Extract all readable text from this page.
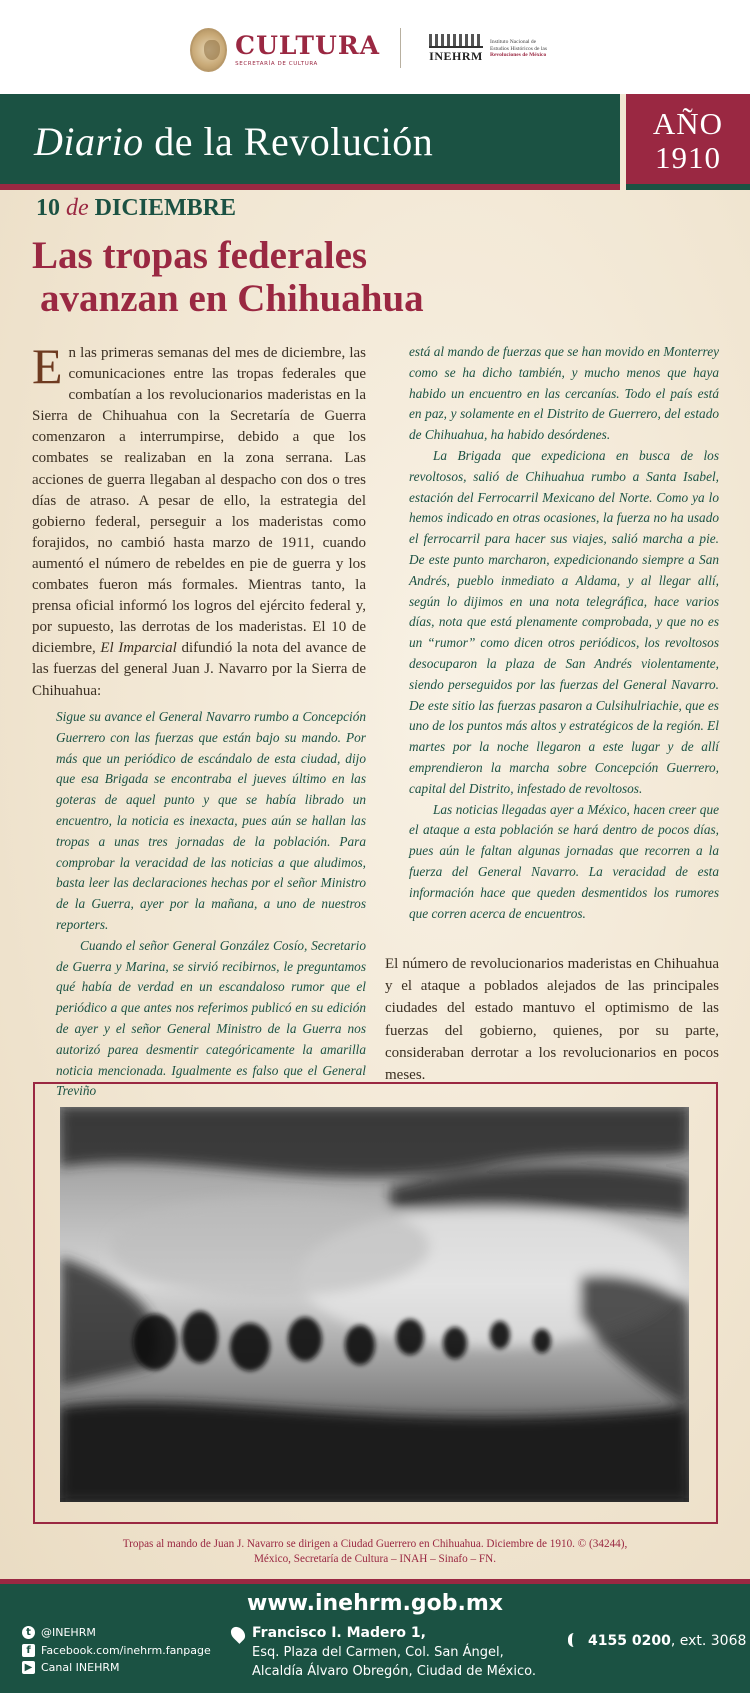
CULTURA
SECRETARÍA DE CULTURA
INEHRM
Instituto Nacional de
Estudios Históricos de las
Revoluciones de México
Diario de la Revolución	AÑO
1910
10 de DICIEMBRE
Las tropas federales
avanzan en Chihuahua
En las primeras semanas del mes de diciembre, las comunicaciones entre las tropas federales que combatían a los revolucionarios maderistas en la Sierra de Chihuahua con la Secretaría de Guerra comenzaron a interrumpirse, debido a que los combates se realizaban en la zona serrana. Las acciones de guerra llegaban al despacho con dos o tres días de atraso. A pesar de ello, la estrategia del gobierno federal, perseguir a los maderistas como forajidos, no cambió hasta marzo de 1911, cuando aumentó el número de rebeldes en pie de guerra y los combates fueron más formales. Mientras tanto, la prensa oficial informó los logros del ejército federal y, por supuesto, las derrotas de los maderistas. El 10 de diciembre, El Imparcial difundió la nota del avance de las fuerzas del general Juan J. Navarro por la Sierra de Chihuahua:

Sigue su avance el General Navarro rumbo a Concepción Guerrero con las fuerzas que están bajo su mando. Por más que un periódico de escándalo de esta ciudad, dijo que esa Brigada se encontraba el jueves último en las goteras de aquel punto y que se había librado un encuentro, la noticia es inexacta, pues aún se hallan las tropas a unas tres jornadas de la población. Para comprobar la veracidad de las noticias a que aludimos, basta leer las declaraciones hechas por el señor Ministro de la Guerra, ayer por la mañana, a uno de nuestros reporters.

Cuando el señor General González Cosío, Secretario de Guerra y Marina, se sirvió recibirnos, le preguntamos qué había de verdad en un escandaloso rumor que el periódico a que antes nos referimos publicó en su edición de ayer y el señor General Ministro de la Guerra nos autorizó parea desmentir categóricamente la amarilla noticia mencionada. Igualmente es falso que el General Treviño

está al mando de fuerzas que se han movido en Monterrey como se ha dicho también, y mucho menos que haya habido un encuentro en las cercanías. Todo el país está en paz, y solamente en el Distrito de Guerrero, del estado de Chihuahua, ha habido desórdenes.

La Brigada que expediciona en busca de los revoltosos, salió de Chihuahua rumbo a Santa Isabel, estación del Ferrocarril Mexicano del Norte. Como ya lo hemos indicado en otras ocasiones, la fuerza no ha usado el ferrocarril para hacer sus viajes, salió marcha a pie. De este punto marcharon, expedicionando siempre a San Andrés, pueblo inmediato a Aldama, y al llegar allí, según lo dijimos en una nota telegráfica, hace varios días, nota que está plenamente comprobada, y que no es un “rumor” como dicen otros periódicos, los revoltosos desocuparon la plaza de San Andrés violentamente, siendo perseguidos por las fuerzas del General Navarro. De este sitio las fuerzas pasaron a Culsihulriachie, que es uno de los puntos más altos y estratégicos de la región. El martes por la noche llegaron a este lugar y de allí emprendieron la marcha sobre Concepción Guerrero, capital del Distrito, infestado de revoltosos.

Las noticias llegadas ayer a México, hacen creer que el ataque a esta población se hará dentro de pocos días, pues aún le faltan algunas jornadas que recorren a la fuerza del General Navarro. La veracidad de esta información hace que queden desmentidos los rumores que corren acerca de encuentros.

El número de revolucionarios maderistas en Chihuahua y el ataque a poblados alejados de las principales ciudades del estado mantuvo el optimismo de las fuerzas del gobierno, quienes, por su parte, consideraban derrotar a los revolucionarios en pocos meses.
Tropas al mando de Juan J. Navarro se dirigen a Ciudad Guerrero en Chihuahua. Diciembre de 1910. © (34244),
México, Secretaría de Cultura – INAH – Sinafo – FN.
www.inehrm.gob.mx
t @INEHRM
f Facebook.com/inehrm.fanpage
▶ Canal INEHRM
Francisco I. Madero 1,
Esq. Plaza del Carmen, Col. San Ángel,
Alcaldía Álvaro Obregón, Ciudad de México.
4155 0200, ext. 3068
